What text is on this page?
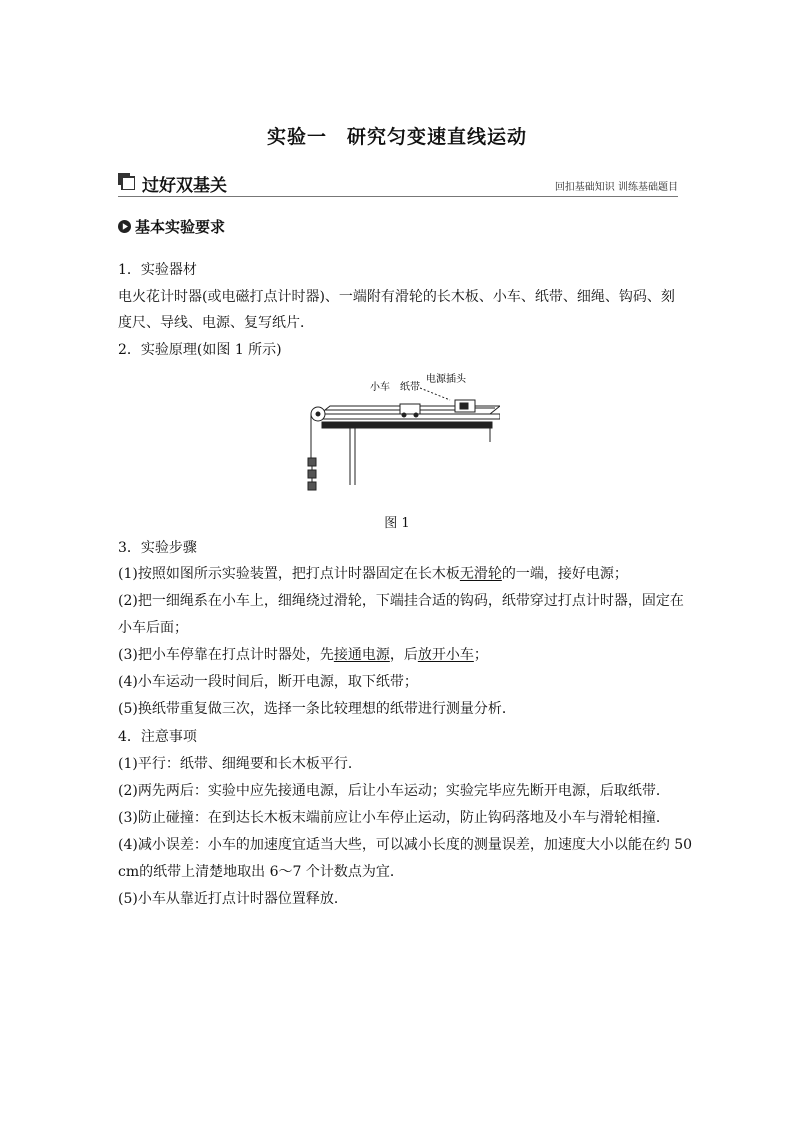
实验一　研究匀变速直线运动
过好双基关	回扣基础知识 训练基础题目
基本实验要求
1．实验器材
电火花计时器(或电磁打点计时器)、一端附有滑轮的长木板、小车、纸带、细绳、钩码、刻
度尺、导线、电源、复写纸片．
2．实验原理(如图 1 所示)
小车 纸带
电源插头
图 1
3．实验步骤
(1)按照如图所示实验装置，把打点计时器固定在长木板无滑轮的一端，接好电源；
(2)把一细绳系在小车上，细绳绕过滑轮，下端挂合适的钩码，纸带穿过打点计时器，固定在
小车后面；
(3)把小车停靠在打点计时器处，先接通电源，后放开小车；
(4)小车运动一段时间后，断开电源，取下纸带；
(5)换纸带重复做三次，选择一条比较理想的纸带进行测量分析．
4．注意事项
(1)平行：纸带、细绳要和长木板平行．
(2)两先两后：实验中应先接通电源，后让小车运动；实验完毕应先断开电源，后取纸带．
(3)防止碰撞：在到达长木板末端前应让小车停止运动，防止钩码落地及小车与滑轮相撞．
(4)减小误差：小车的加速度宜适当大些，可以减小长度的测量误差，加速度大小以能在约 50
cm的纸带上清楚地取出 6～7 个计数点为宜．
(5)小车从靠近打点计时器位置释放．
